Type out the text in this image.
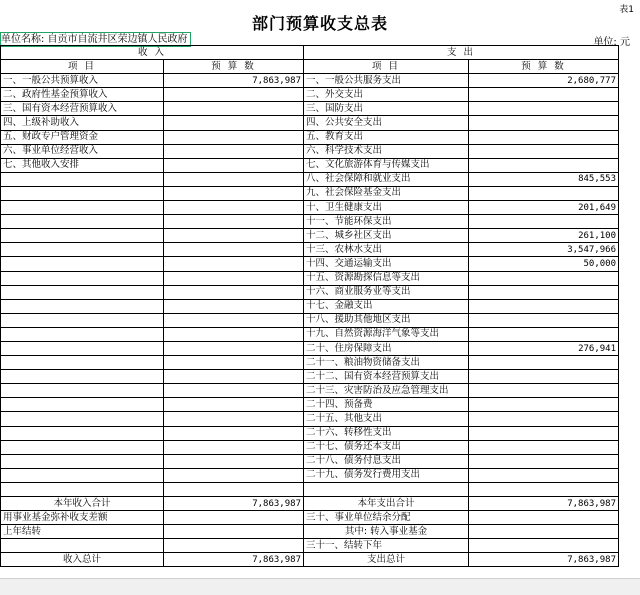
表1
部门预算收支总表
单位名称: 自贡市自流井区荣边镇人民政府	单位: 元
收 入		支 出	
项 目	预 算 数	项 目	预 算 数
一、一般公共预算收入	7,863,987	一、一般公共服务支出	2,680,777
二、政府性基金预算收入		二、外交支出	
三、国有资本经营预算收入		三、国防支出	
四、上级补助收入		四、公共安全支出	
五、财政专户管理资金		五、教育支出	
六、事业单位经营收入		六、科学技术支出	
七、其他收入安排		七、文化旅游体育与传媒支出	
		八、社会保障和就业支出	845,553
		九、社会保险基金支出	
		十、卫生健康支出	201,649
		十一、节能环保支出	
		十二、城乡社区支出	261,100
		十三、农林水支出	3,547,966
		十四、交通运输支出	50,000
		十五、资源勘探信息等支出	
		十六、商业服务业等支出	
		十七、金融支出	
		十八、援助其他地区支出	
		十九、自然资源海洋气象等支出	
		二十、住房保障支出	276,941
		二十一、粮油物资储备支出	
		二十二、国有资本经营预算支出	
		二十三、灾害防治及应急管理支出	
		二十四、预备费	
		二十五、其他支出	
		二十六、转移性支出	
		二十七、债务还本支出	
		二十八、债务付息支出	
		二十九、债务发行费用支出	

本年收入合计	7,863,987	本年支出合计	7,863,987
用事业基金弥补收支差额		三十、事业单位结余分配	
上年结转		其中: 转入事业基金	
		三十一、结转下年	
收入总计	7,863,987	支出总计	7,863,987
